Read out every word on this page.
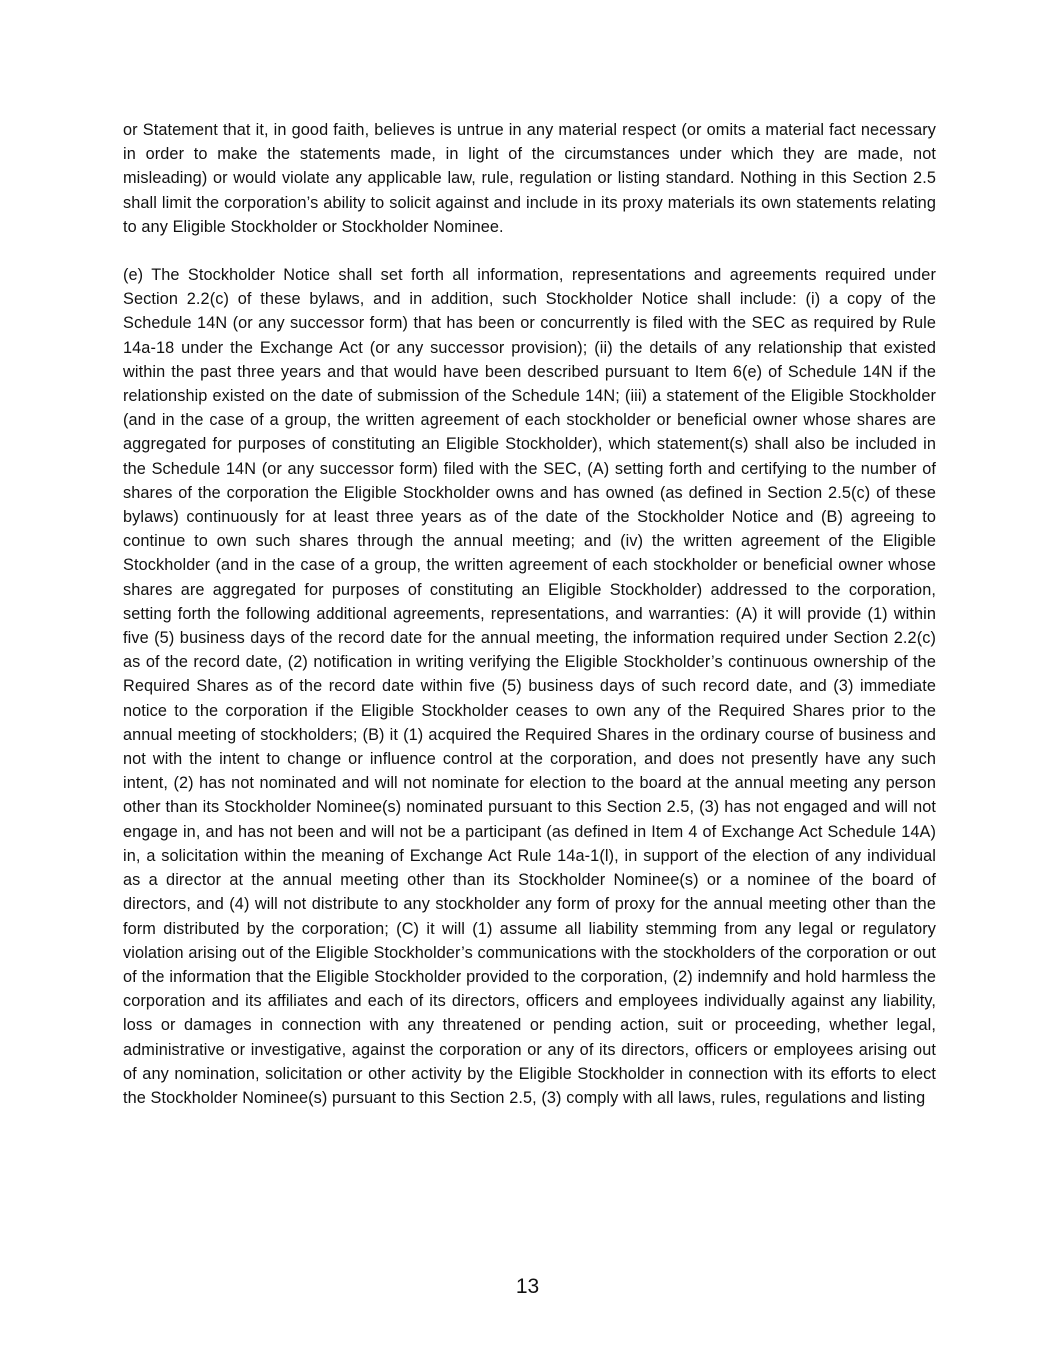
or Statement that it, in good faith, believes is untrue in any material respect (or omits a material fact necessary in order to make the statements made, in light of the circumstances under which they are made, not misleading) or would violate any applicable law, rule, regulation or listing standard. Nothing in this Section 2.5 shall limit the corporation’s ability to solicit against and include in its proxy materials its own statements relating to any Eligible Stockholder or Stockholder Nominee.

(e) The Stockholder Notice shall set forth all information, representations and agreements required under Section 2.2(c) of these bylaws, and in addition, such Stockholder Notice shall include: (i) a copy of the Schedule 14N (or any successor form) that has been or concurrently is filed with the SEC as required by Rule 14a-18 under the Exchange Act (or any successor provision); (ii) the details of any relationship that existed within the past three years and that would have been described pursuant to Item 6(e) of Schedule 14N if the relationship existed on the date of submission of the Schedule 14N; (iii) a statement of the Eligible Stockholder (and in the case of a group, the written agreement of each stockholder or beneficial owner whose shares are aggregated for purposes of constituting an Eligible Stockholder), which statement(s) shall also be included in the Schedule 14N (or any successor form) filed with the SEC, (A) setting forth and certifying to the number of shares of the corporation the Eligible Stockholder owns and has owned (as defined in Section 2.5(c) of these bylaws) continuously for at least three years as of the date of the Stockholder Notice and (B) agreeing to continue to own such shares through the annual meeting; and (iv) the written agreement of the Eligible Stockholder (and in the case of a group, the written agreement of each stockholder or beneficial owner whose shares are aggregated for purposes of constituting an Eligible Stockholder) addressed to the corporation, setting forth the following additional agreements, representations, and warranties: (A) it will provide (1) within five (5) business days of the record date for the annual meeting, the information required under Section 2.2(c) as of the record date, (2) notification in writing verifying the Eligible Stockholder’s continuous ownership of the Required Shares as of the record date within five (5) business days of such record date, and (3) immediate notice to the corporation if the Eligible Stockholder ceases to own any of the Required Shares prior to the annual meeting of stockholders; (B) it (1) acquired the Required Shares in the ordinary course of business and not with the intent to change or influence control at the corporation, and does not presently have any such intent, (2) has not nominated and will not nominate for election to the board at the annual meeting any person other than its Stockholder Nominee(s) nominated pursuant to this Section 2.5, (3) has not engaged and will not engage in, and has not been and will not be a participant (as defined in Item 4 of Exchange Act Schedule 14A) in, a solicitation within the meaning of Exchange Act Rule 14a-1(l), in support of the election of any individual as a director at the annual meeting other than its Stockholder Nominee(s) or a nominee of the board of directors, and (4) will not distribute to any stockholder any form of proxy for the annual meeting other than the form distributed by the corporation; (C) it will (1) assume all liability stemming from any legal or regulatory violation arising out of the Eligible Stockholder’s communications with the stockholders of the corporation or out of the information that the Eligible Stockholder provided to the corporation, (2) indemnify and hold harmless the corporation and its affiliates and each of its directors, officers and employees individually against any liability, loss or damages in connection with any threatened or pending action, suit or proceeding, whether legal, administrative or investigative, against the corporation or any of its directors, officers or employees arising out of any nomination, solicitation or other activity by the Eligible Stockholder in connection with its efforts to elect the Stockholder Nominee(s) pursuant to this Section 2.5, (3) comply with all laws, rules, regulations and listing

13
